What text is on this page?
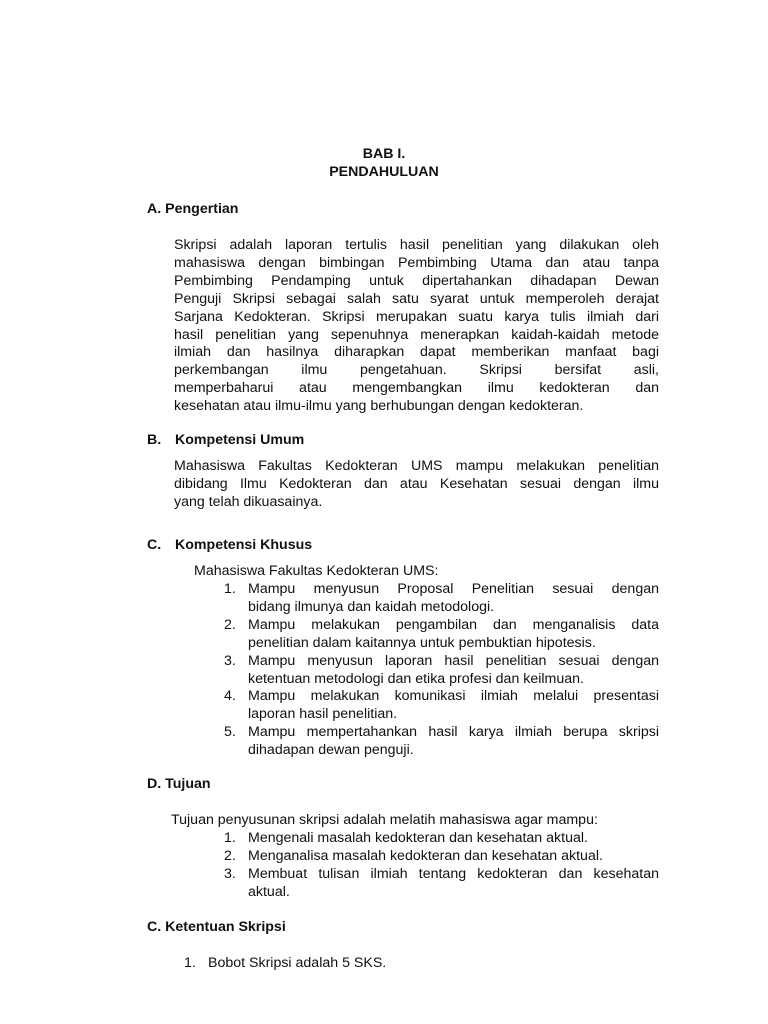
BAB I.
PENDAHULUAN
A. Pengertian
Skripsi adalah laporan tertulis hasil penelitian yang dilakukan oleh
mahasiswa dengan bimbingan Pembimbing Utama dan atau tanpa
Pembimbing Pendamping untuk dipertahankan dihadapan Dewan
Penguji Skripsi sebagai salah satu syarat untuk memperoleh derajat
Sarjana Kedokteran. Skripsi merupakan suatu karya tulis ilmiah dari
hasil penelitian yang sepenuhnya menerapkan kaidah-kaidah metode
ilmiah dan hasilnya diharapkan dapat memberikan manfaat bagi
perkembangan ilmu pengetahuan. Skripsi bersifat asli,
memperbaharui atau mengembangkan ilmu kedokteran dan
kesehatan atau ilmu-ilmu yang berhubungan dengan kedokteran.
B. Kompetensi Umum
Mahasiswa Fakultas Kedokteran UMS mampu melakukan penelitian
dibidang Ilmu Kedokteran dan atau Kesehatan sesuai dengan ilmu
yang telah dikuasainya.
C. Kompetensi Khusus
Mahasiswa Fakultas Kedokteran UMS:
1. Mampu menyusun Proposal Penelitian sesuai dengan
bidang ilmunya dan kaidah metodologi.
2. Mampu melakukan pengambilan dan menganalisis data
penelitian dalam kaitannya untuk pembuktian hipotesis.
3. Mampu menyusun laporan hasil penelitian sesuai dengan
ketentuan metodologi dan etika profesi dan keilmuan.
4. Mampu melakukan komunikasi ilmiah melalui presentasi
laporan hasil penelitian.
5. Mampu mempertahankan hasil karya ilmiah berupa skripsi
dihadapan dewan penguji.
D. Tujuan
Tujuan penyusunan skripsi adalah melatih mahasiswa agar mampu:
1. Mengenali masalah kedokteran dan kesehatan aktual.
2. Menganalisa masalah kedokteran dan kesehatan aktual.
3. Membuat tulisan ilmiah tentang kedokteran dan kesehatan
aktual.
C. Ketentuan Skripsi
1. Bobot Skripsi adalah 5 SKS.
